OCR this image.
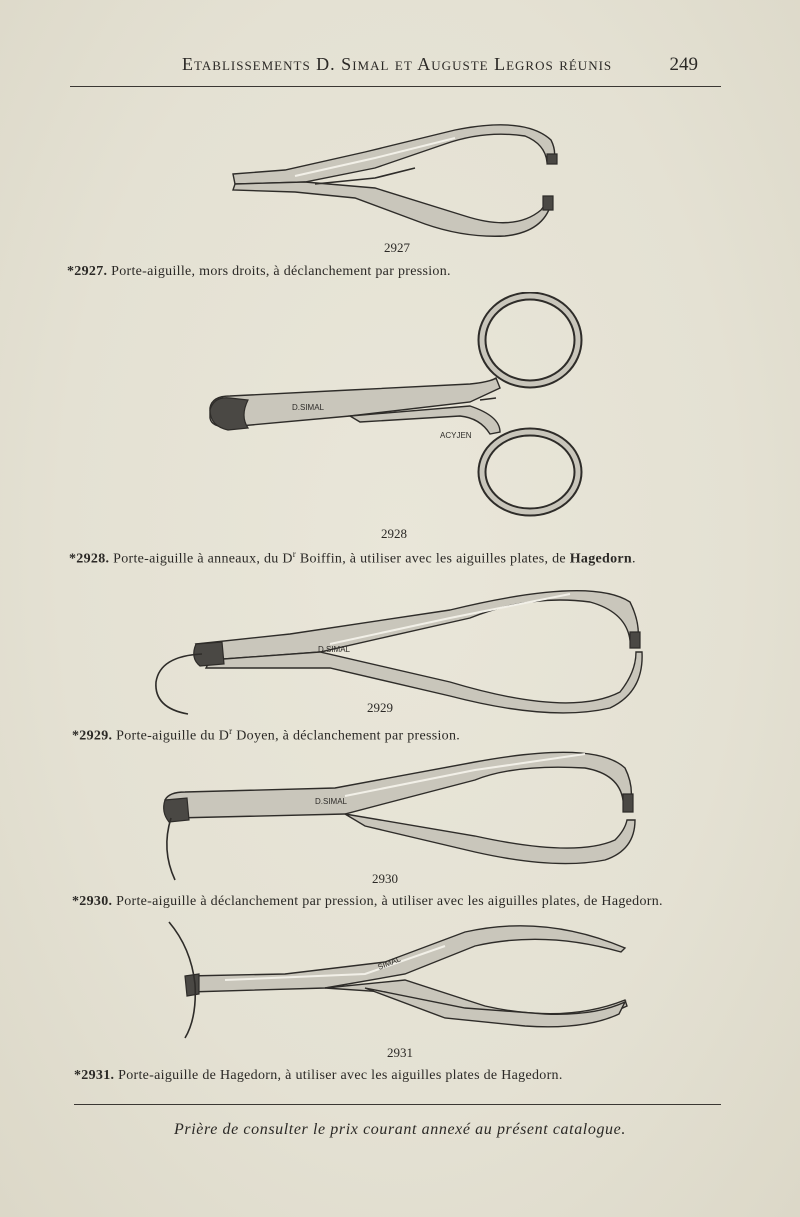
Etablissements D. Simal et Auguste Legros réunis	249
2927
*2927. Porte-aiguille, mors droits, à déclanchement par pression.
D.SIMAL
ACYJEN
2928
*2928. Porte-aiguille à anneaux, du $D^r$ Boiffin, à utiliser avec les aiguilles plates, de Hagedorn.
D.SIMAL
2929
*2929. Porte-aiguille du $D^r$ Doyen, à déclanchement par pression.
D.SIMAL
2930
*2930. Porte-aiguille à déclanchement par pression, à utiliser avec les aiguilles plates, de Hagedorn.
SIMAL
2931
*2931. Porte-aiguille de Hagedorn, à utiliser avec les aiguilles plates de Hagedorn.
Prière de consulter le prix courant annexé au présent catalogue.
